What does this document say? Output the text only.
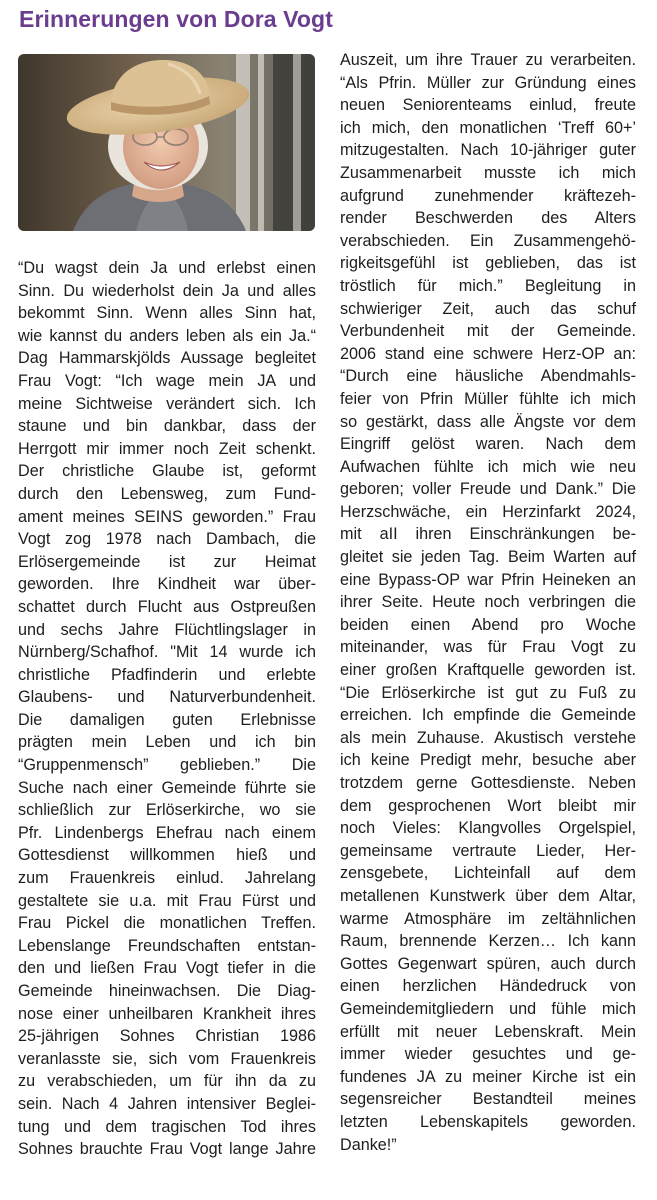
Erinnerungen von Dora Vogt
“Du wagst dein Ja und erlebst einen
Sinn. Du wiederholst dein Ja und alles
bekommt Sinn. Wenn alles Sinn hat,
wie kannst du anders leben als ein Ja.“
Dag Hammarskjölds Aussage begleitet
Frau Vogt: “Ich wage mein JA und
meine Sichtweise verändert sich. Ich
staune und bin dankbar, dass der
Herrgott mir immer noch Zeit schenkt.
Der christliche Glaube ist, geformt
durch den Lebensweg, zum Fund-
ament meines SEINS geworden.” Frau
Vogt zog 1978 nach Dambach, die
Erlösergemeinde ist zur Heimat
geworden. Ihre Kindheit war über-
schattet durch Flucht aus Ostpreußen
und sechs Jahre Flüchtlingslager in
Nürnberg/Schafhof. "Mit 14 wurde ich
christliche Pfadfinderin und erlebte
Glaubens- und Naturverbundenheit.
Die damaligen guten Erlebnisse
prägten mein Leben und ich bin
“Gruppenmensch” geblieben.” Die
Suche nach einer Gemeinde führte sie
schließlich zur Erlöserkirche, wo sie
Pfr. Lindenbergs Ehefrau nach einem
Gottesdienst willkommen hieß und
zum Frauenkreis einlud. Jahrelang
gestaltete sie u.a. mit Frau Fürst und
Frau Pickel die monatlichen Treffen.
Lebenslange Freundschaften entstan-
den und ließen Frau Vogt tiefer in die
Gemeinde hineinwachsen. Die Diag-
nose einer unheilbaren Krankheit ihres
25-jährigen Sohnes Christian 1986
veranlasste sie, sich vom Frauenkreis
zu verabschieden, um für ihn da zu
sein. Nach 4 Jahren intensiver Beglei-
tung und dem tragischen Tod ihres
Sohnes brauchte Frau Vogt lange Jahre
Auszeit, um ihre Trauer zu verarbeiten.
“Als Pfrin. Müller zur Gründung eines
neuen Seniorenteams einlud, freute
ich mich, den monatlichen ‘Treff 60+’
mitzugestalten. Nach 10-jähriger guter
Zusammenarbeit musste ich mich
aufgrund zunehmender kräftezeh-
render Beschwerden des Alters
verabschieden. Ein Zusammengehö-
rigkeitsgefühl ist geblieben, das ist
tröstlich für mich.” Begleitung in
schwieriger Zeit, auch das schuf
Verbundenheit mit der Gemeinde.
2006 stand eine schwere Herz-OP an:
“Durch eine häusliche Abendmahls-
feier von Pfrin Müller fühlte ich mich
so gestärkt, dass alle Ängste vor dem
Eingriff gelöst waren. Nach dem
Aufwachen fühlte ich mich wie neu
geboren; voller Freude und Dank.” Die
Herzschwäche, ein Herzinfarkt 2024,
mit aII ihren Einschränkungen be-
gleitet sie jeden Tag. Beim Warten auf
eine Bypass-OP war Pfrin Heineken an
ihrer Seite. Heute noch verbringen die
beiden einen Abend pro Woche
miteinander, was für Frau Vogt zu
einer großen Kraftquelle geworden ist.
“Die Erlöserkirche ist gut zu Fuß zu
erreichen. Ich empfinde die Gemeinde
als mein Zuhause. Akustisch verstehe
ich keine Predigt mehr, besuche aber
trotzdem gerne Gottesdienste. Neben
dem gesprochenen Wort bleibt mir
noch Vieles: Klangvolles Orgelspiel,
gemeinsame vertraute Lieder, Her-
zensgebete, Lichteinfall auf dem
metallenen Kunstwerk über dem Altar,
warme Atmosphäre im zeltähnlichen
Raum, brennende Kerzen… Ich kann
Gottes Gegenwart spüren, auch durch
einen herzlichen Händedruck von
Gemeindemitgliedern und fühle mich
erfüllt mit neuer Lebenskraft. Mein
immer wieder gesuchtes und ge-
fundenes JA zu meiner Kirche ist ein
segensreicher Bestandteil meines
letzten Lebenskapitels geworden.
Danke!”
